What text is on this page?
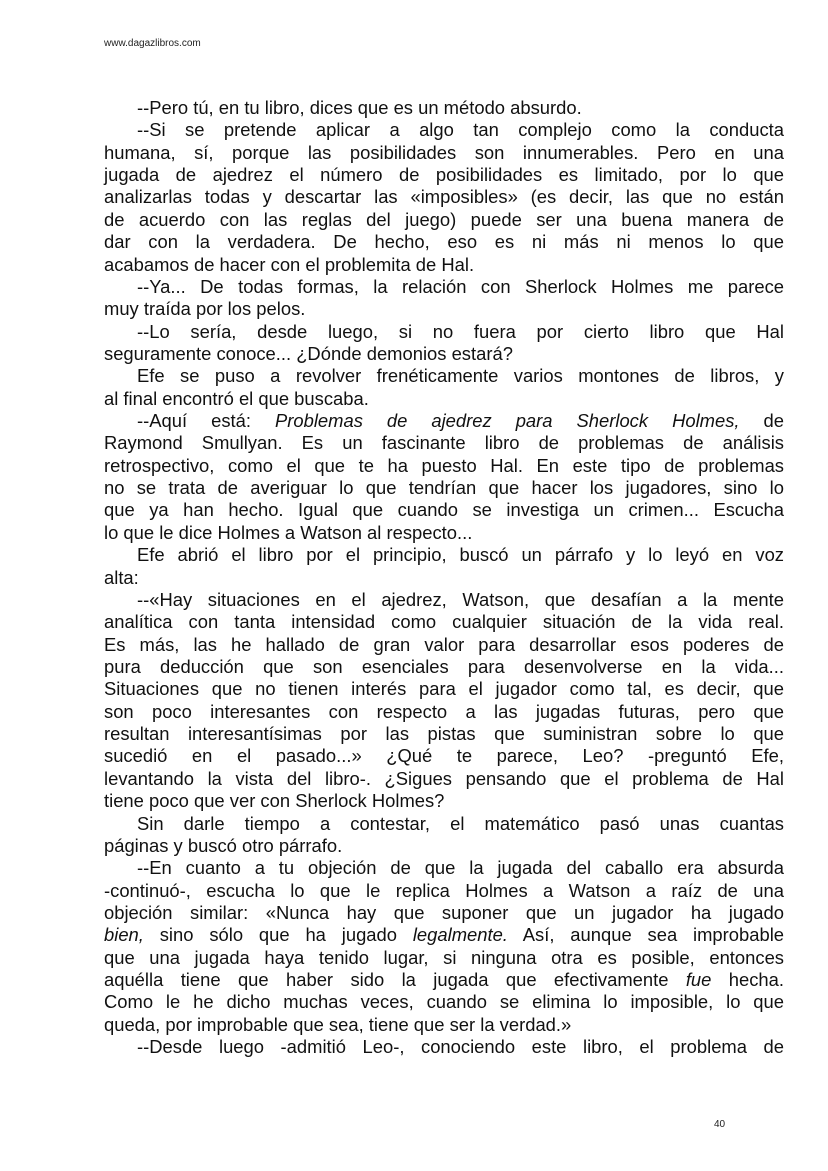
www.dagazlibros.com
--Pero tú, en tu libro, dices que es un método absurdo.
--Si se pretende aplicar a algo tan complejo como la conducta
humana, sí, porque las posibilidades son innumerables. Pero en una
jugada de ajedrez el número de posibilidades es limitado, por lo que
analizarlas todas y descartar las «imposibles» (es decir, las que no están
de acuerdo con las reglas del juego) puede ser una buena manera de
dar con la verdadera. De hecho, eso es ni más ni menos lo que
acabamos de hacer con el problemita de Hal.
--Ya... De todas formas, la relación con Sherlock Holmes me parece
muy traída por los pelos.
--Lo sería, desde luego, si no fuera por cierto libro que Hal
seguramente conoce... ¿Dónde demonios estará?
Efe se puso a revolver frenéticamente varios montones de libros, y
al final encontró el que buscaba.
--Aquí está: Problemas de ajedrez para Sherlock Holmes, de
Raymond Smullyan. Es un fascinante libro de problemas de análisis
retrospectivo, como el que te ha puesto Hal. En este tipo de problemas
no se trata de averiguar lo que tendrían que hacer los jugadores, sino lo
que ya han hecho. Igual que cuando se investiga un crimen... Escucha
lo que le dice Holmes a Watson al respecto...
Efe abrió el libro por el principio, buscó un párrafo y lo leyó en voz
alta:
--«Hay situaciones en el ajedrez, Watson, que desafían a la mente
analítica con tanta intensidad como cualquier situación de la vida real.
Es más, las he hallado de gran valor para desarrollar esos poderes de
pura deducción que son esenciales para desenvolverse en la vida...
Situaciones que no tienen interés para el jugador como tal, es decir, que
son poco interesantes con respecto a las jugadas futuras, pero que
resultan interesantísimas por las pistas que suministran sobre lo que
sucedió en el pasado...» ¿Qué te parece, Leo? -preguntó Efe,
levantando la vista del libro-. ¿Sigues pensando que el problema de Hal
tiene poco que ver con Sherlock Holmes?
Sin darle tiempo a contestar, el matemático pasó unas cuantas
páginas y buscó otro párrafo.
--En cuanto a tu objeción de que la jugada del caballo era absurda
-continuó-, escucha lo que le replica Holmes a Watson a raíz de una
objeción similar: «Nunca hay que suponer que un jugador ha jugado
bien, sino sólo que ha jugado legalmente. Así, aunque sea improbable
que una jugada haya tenido lugar, si ninguna otra es posible, entonces
aquélla tiene que haber sido la jugada que efectivamente fue hecha.
Como le he dicho muchas veces, cuando se elimina lo imposible, lo que
queda, por improbable que sea, tiene que ser la verdad.»
--Desde luego -admitió Leo-, conociendo este libro, el problema de
40
